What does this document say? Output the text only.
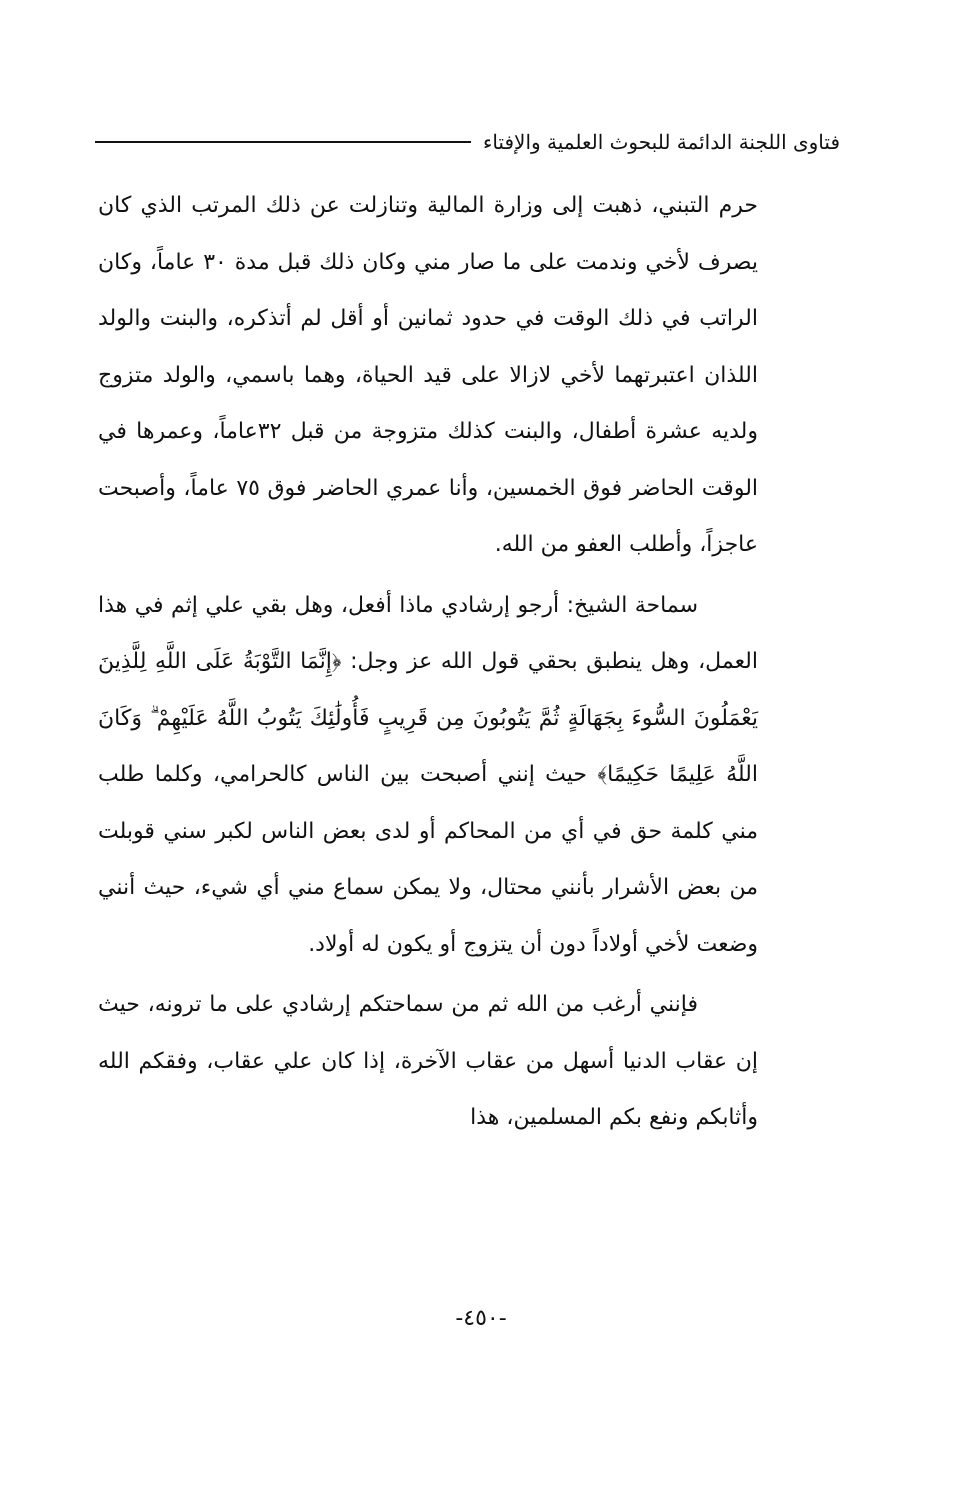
فتاوى اللجنة الدائمة للبحوث العلمية والإفتاء

حرم التبني، ذهبت إلى وزارة المالية وتنازلت عن ذلك المرتب الذي كان يصرف لأخي وندمت على ما صار مني وكان ذلك قبل مدة ٣٠ عاماً، وكان الراتب في ذلك الوقت في حدود ثمانين أو أقل لم أتذكره، والبنت والولد اللذان اعتبرتهما لأخي لازالا على قيد الحياة، وهما باسمي، والولد متزوج ولديه عشرة أطفال، والبنت كذلك متزوجة من قبل ٣٢عاماً، وعمرها في الوقت الحاضر فوق الخمسين، وأنا عمري الحاضر فوق ٧٥ عاماً، وأصبحت عاجزاً، وأطلب العفو من الله.

سماحة الشيخ: أرجو إرشادي ماذا أفعل، وهل بقي علي إثم في هذا العمل، وهل ينطبق بحقي قول الله عز وجل: ﴿إِنَّمَا التَّوْبَةُ عَلَى اللَّهِ لِلَّذِينَ يَعْمَلُونَ السُّوءَ بِجَهَالَةٍ ثُمَّ يَتُوبُونَ مِن قَرِيبٍ فَأُولَٰئِكَ يَتُوبُ اللَّهُ عَلَيْهِمْ ۗ وَكَانَ اللَّهُ عَلِيمًا حَكِيمًا﴾ حيث إنني أصبحت بين الناس كالحرامي، وكلما طلب مني كلمة حق في أي من المحاكم أو لدى بعض الناس لكبر سني قوبلت من بعض الأشرار بأنني محتال، ولا يمكن سماع مني أي شيء، حيث أنني وضعت لأخي أولاداً دون أن يتزوج أو يكون له أولاد.

فإنني أرغب من الله ثم من سماحتكم إرشادي على ما ترونه، حيث إن عقاب الدنيا أسهل من عقاب الآخرة، إذا كان علي عقاب، وفقكم الله وأثابكم ونفع بكم المسلمين، هذا

-٤٥٠-
